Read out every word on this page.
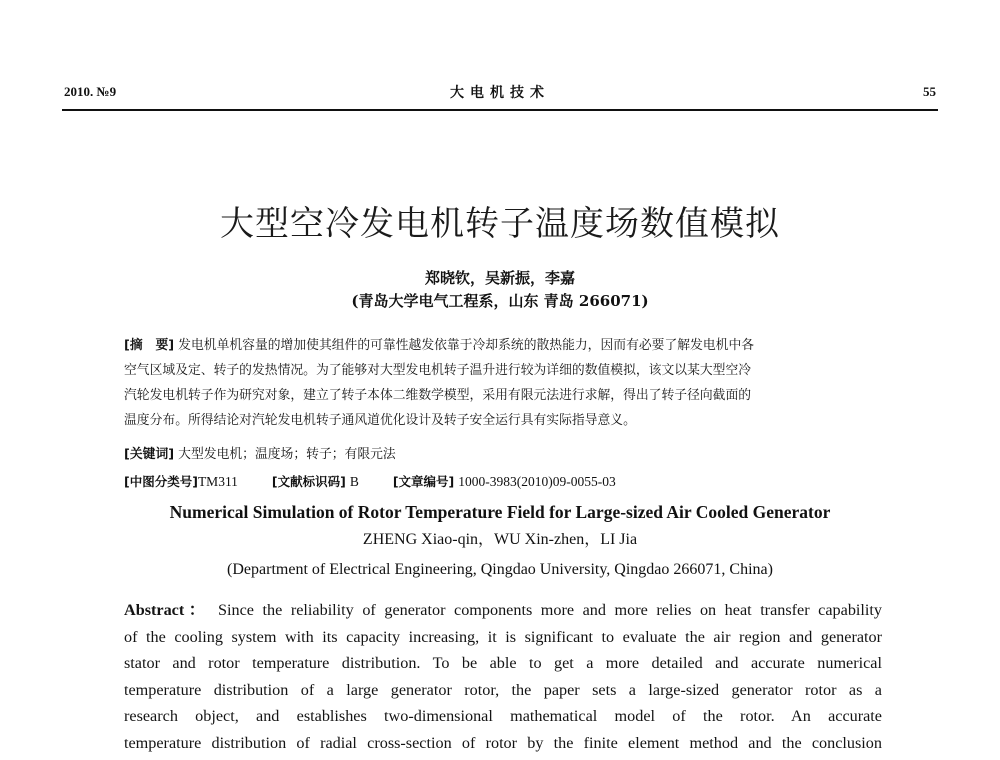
2010. №9	大电机技术	55
大型空冷发电机转子温度场数值模拟
郑晓钦，吴新振，李嘉
(青岛大学电气工程系，山东 青岛 266071)
[摘　要] 发电机单机容量的增加使其组件的可靠性越发依靠于冷却系统的散热能力，因而有必要了解发电机中各
空气区域及定、转子的发热情况。为了能够对大型发电机转子温升进行较为详细的数值模拟，该文以某大型空冷
汽轮发电机转子作为研究对象，建立了转子本体二维数学模型，采用有限元法进行求解，得出了转子径向截面的
温度分布。所得结论对汽轮发电机转子通风道优化设计及转子安全运行具有实际指导意义。
[关键词] 大型发电机；温度场；转子；有限元法
[中图分类号]TM311	[文献标识码] B	[文章编号] 1000-3983(2010)09-0055-03
Numerical Simulation of Rotor Temperature Field for Large-sized Air Cooled Generator
ZHENG Xiao-qin，WU Xin-zhen，LI Jia
(Department of Electrical Engineering, Qingdao University, Qingdao 266071, China)
Abstract： Since the reliability of generator components more and more relies on heat transfer capability
of the cooling system with its capacity increasing, it is significant to evaluate the air region and generator
stator and rotor temperature distribution. To be able to get a more detailed and accurate numerical
temperature distribution of a large generator rotor, the paper sets a large-sized generator rotor as a
research object, and establishes two-dimensional mathematical model of the rotor. An accurate
temperature distribution of radial cross-section of rotor by the finite element method and the conclusion
